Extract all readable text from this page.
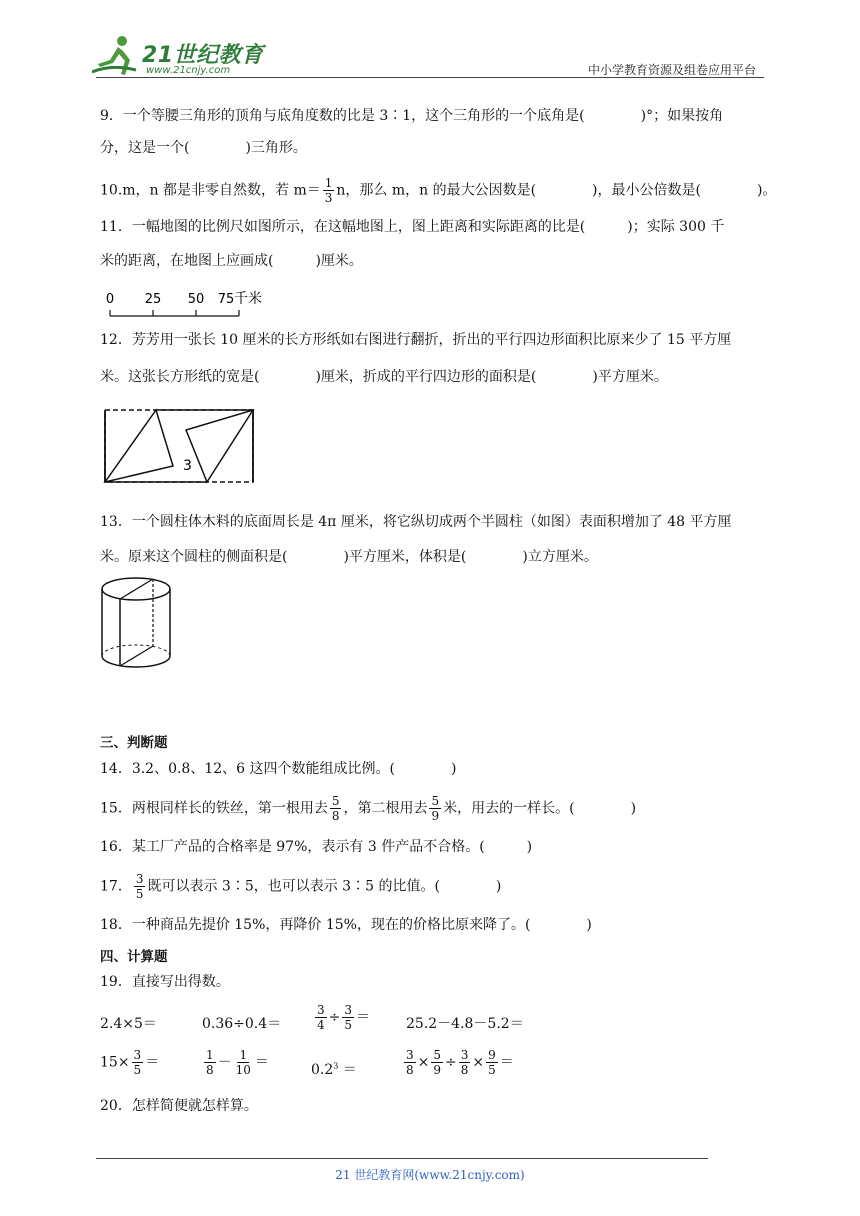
21世纪教育
www.21cnjy.com	中小学教育资源及组卷应用平台
9．一个等腰三角形的顶角与底角度数的比是 3∶1，这个三角形的一个底角是(　　　　)°；如果按角
分，这是一个(　　　　)三角形。
10.m，n 都是非零自然数，若 $m= \frac{1}{3}$ n，那么 m，n 的最大公因数是(　　　　)，最小公倍数是(　　　　)。
11．一幅地图的比例尺如图所示，在这幅地图上，图上距离和实际距离的比是(　　　)；实际 300 千
米的距离，在地图上应画成(　　　)厘米。
0 25 50 75 千米
12．芳芳用一张长 10 厘米的长方形纸如右图进行翻折，折出的平行四边形面积比原来少了 15 平方厘
米。这张长方形纸的宽是(　　　　)厘米，折成的平行四边形的面积是(　　　　)平方厘米。
3
13．一个圆柱体木料的底面周长是 4π 厘米，将它纵切成两个半圆柱（如图）表面积增加了 48 平方厘
米。原来这个圆柱的侧面积是(　　　　)平方厘米，体积是(　　　　)立方厘米。
三、判断题
14．3.2、0.8、12、6 这四个数能组成比例。(　　　　)
15．两根同样长的铁丝，第一根用去 $\frac{5}{8}$ ，第二根用去 $\frac{5}{9}$ 米，用去的一样长。(　　　　)
16．某工厂产品的合格率是 97%，表示有 3 件产品不合格。(　　　)
17． $\frac{3}{5}$ 既可以表示 3∶5，也可以表示 3∶5 的比值。(　　　　)
18．一种商品先提价 15%，再降价 15%，现在的价格比原来降了。(　　　　)
四、计算题
19．直接写出得数。
2.4×5＝	0.36÷0.4＝	$\frac{3}{4} \div \frac{3}{5}$ ＝	25.2－4.8－5.2＝
$15\times \frac{3}{5}$ ＝	$\frac{1}{8} - \frac{1}{10}$ ＝	$0.2^3$ ＝	$\frac{3}{8} \times \frac{5}{9} \div \frac{3}{8} \times \frac{9}{5}$ ＝
20．怎样简便就怎样算。
21 世纪教育网(www.21cnjy.com)
